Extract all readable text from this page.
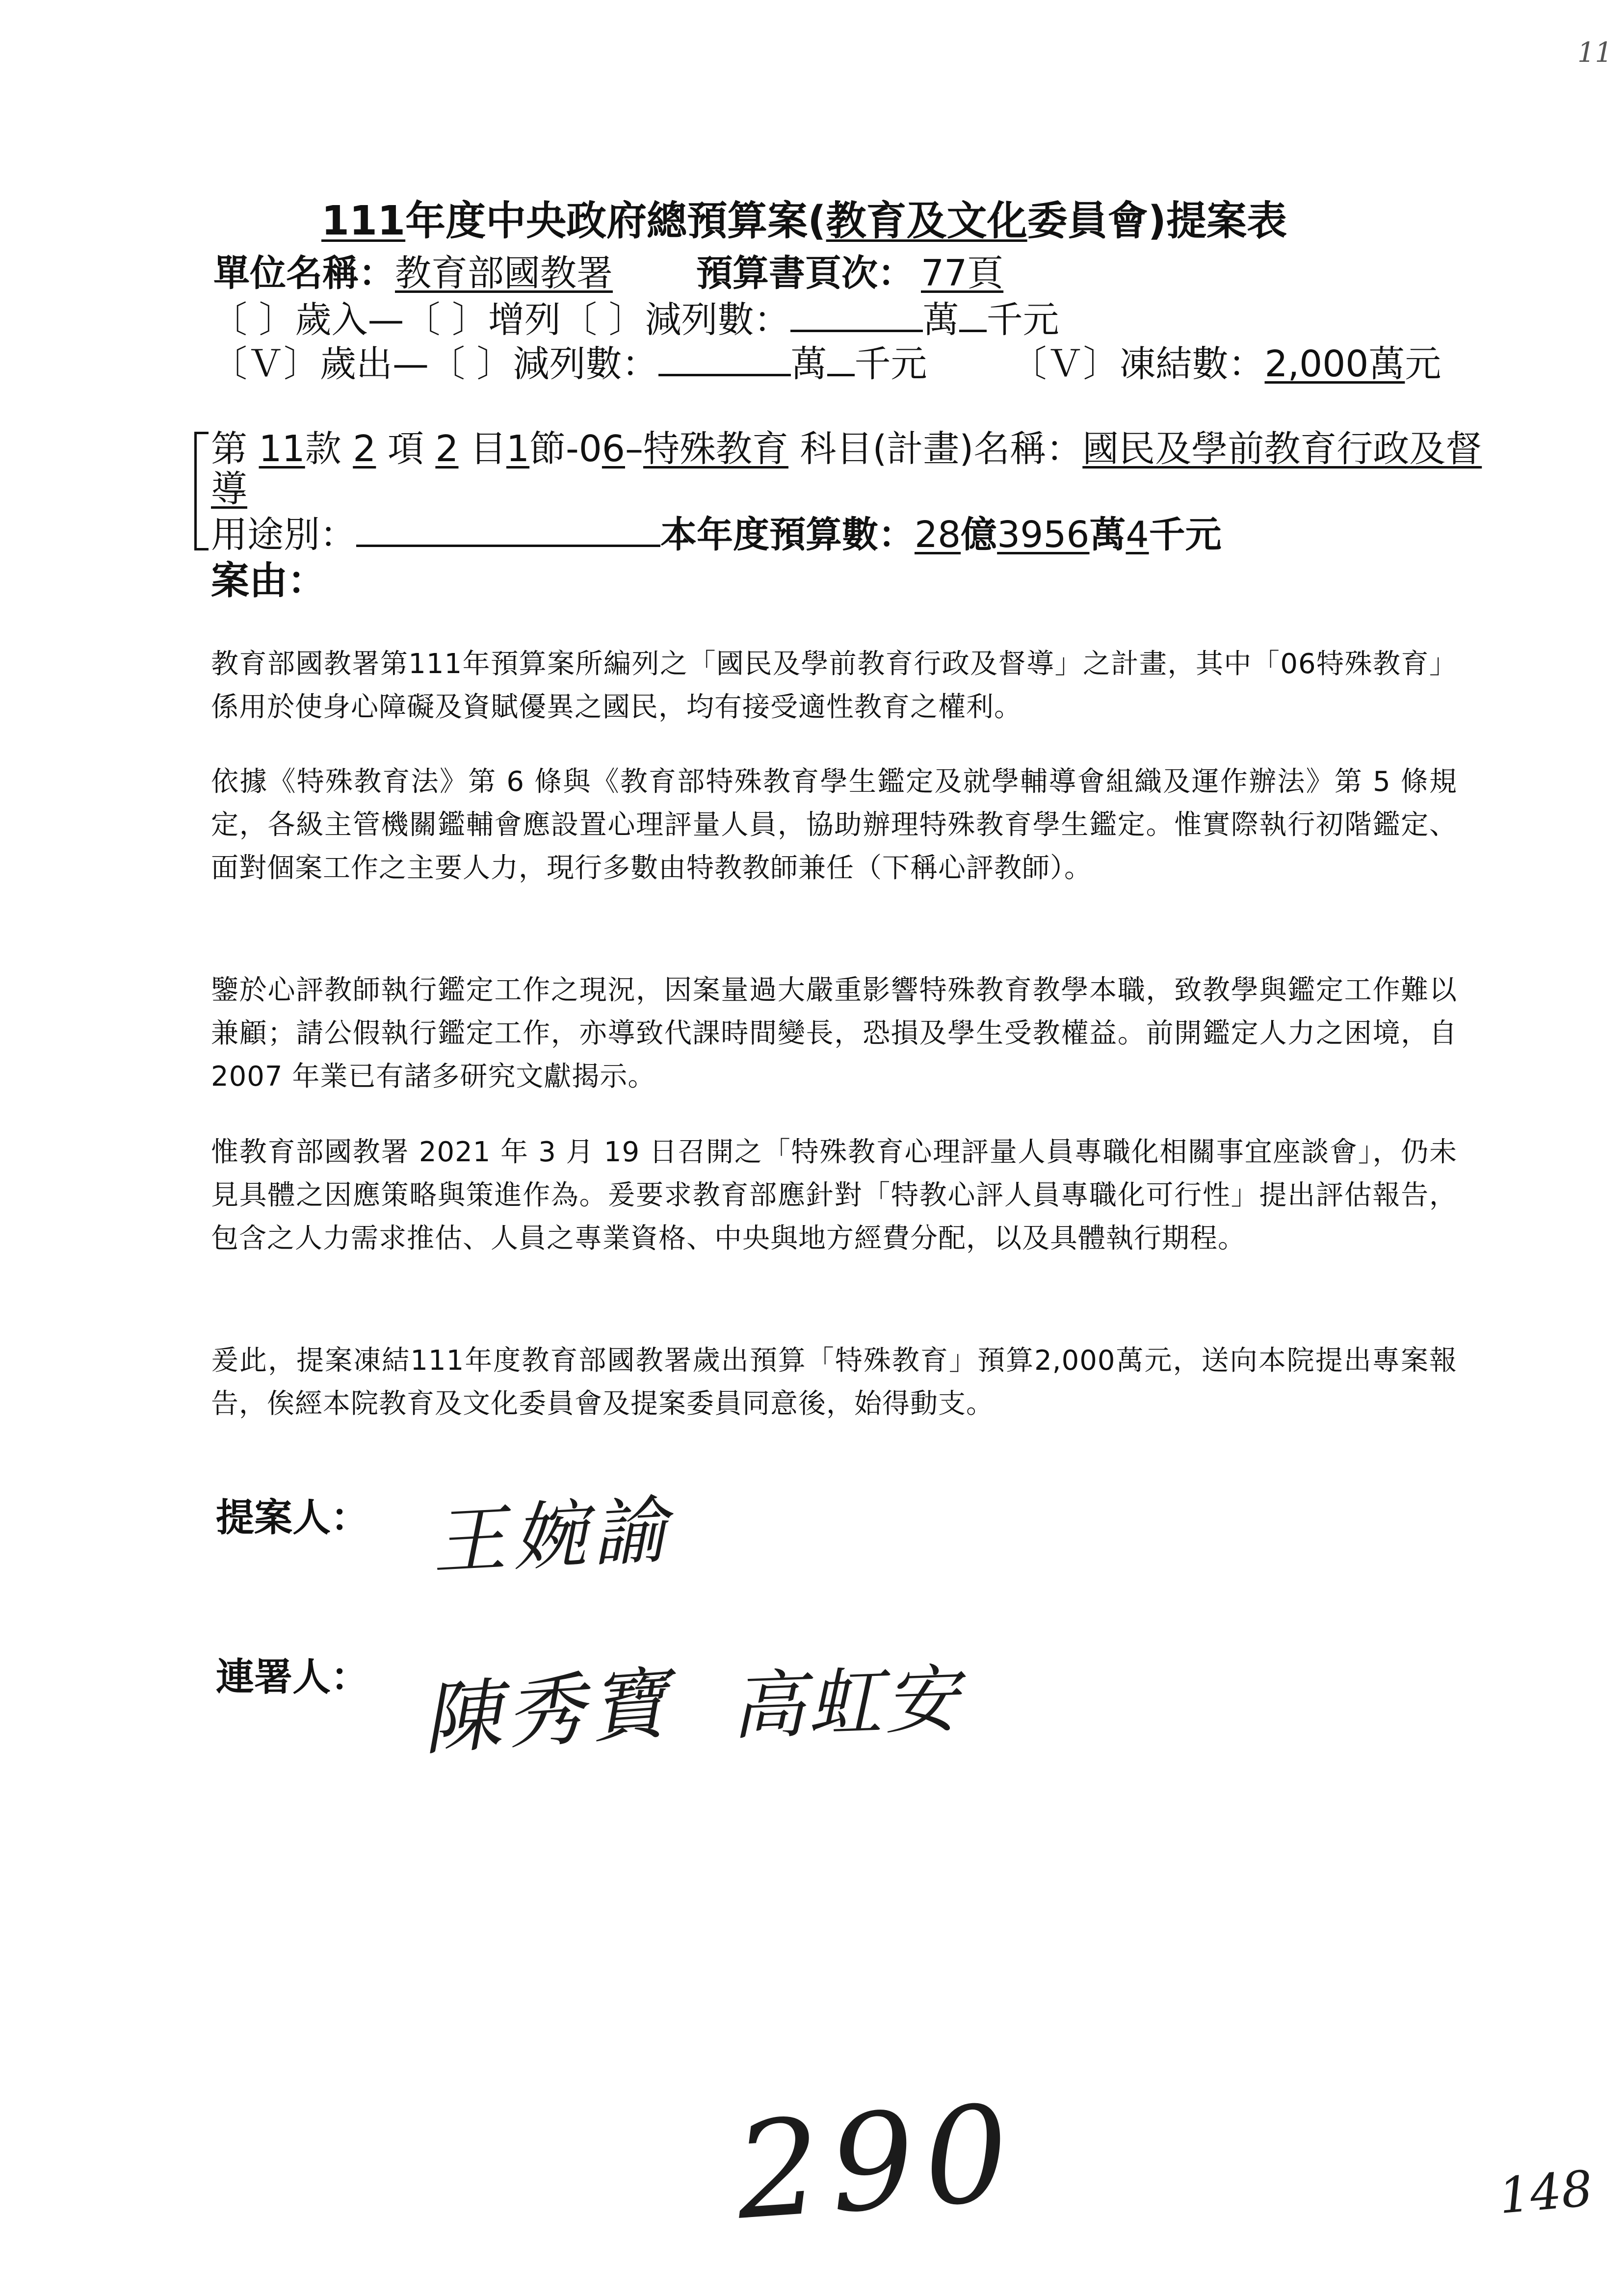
11
111年度中央政府總預算案(教育及文化委員會)提案表
單位名稱：教育部國教署 預算書頁次： 77頁
〔 〕歲入—〔 〕增列〔 〕減列數：	萬 千元
〔Ｖ〕歲出—〔 〕減列數：	萬 千元 〔Ｖ〕凍結數：2,000萬元
第 11款 2 項 2 目1節-06–特殊教育 科目(計畫)名稱：國民及學前教育行政及督
導
用途別：	本年度預算數：28億3956萬4千元
案由：
教育部國教署第111年預算案所編列之「國民及學前教育行政及督導」之計畫，其中「06特殊教育」係用於使身心障礙及資賦優異之國民，均有接受適性教育之權利。
依據《特殊教育法》第 6 條與《教育部特殊教育學生鑑定及就學輔導會組織及運作辦法》第 5 條規定，各級主管機關鑑輔會應設置心理評量人員，協助辦理特殊教育學生鑑定。惟實際執行初階鑑定、面對個案工作之主要人力，現行多數由特教教師兼任（下稱心評教師）。
鑒於心評教師執行鑑定工作之現況，因案量過大嚴重影響特殊教育教學本職，致教學與鑑定工作難以兼顧；請公假執行鑑定工作，亦導致代課時間變長，恐損及學生受教權益。前開鑑定人力之困境，自 2007 年業已有諸多研究文獻揭示。
惟教育部國教署 2021 年 3 月 19 日召開之「特殊教育心理評量人員專職化相關事宜座談會」，仍未見具體之因應策略與策進作為。爰要求教育部應針對「特教心評人員專職化可行性」提出評估報告，包含之人力需求推估、人員之專業資格、中央與地方經費分配，以及具體執行期程。
爰此，提案凍結111年度教育部國教署歲出預算「特殊教育」預算2,000萬元，送向本院提出專案報告，俟經本院教育及文化委員會及提案委員同意後，始得動支。
提案人： 王婉諭
連署人： 陳秀寶 高虹安
290	148
